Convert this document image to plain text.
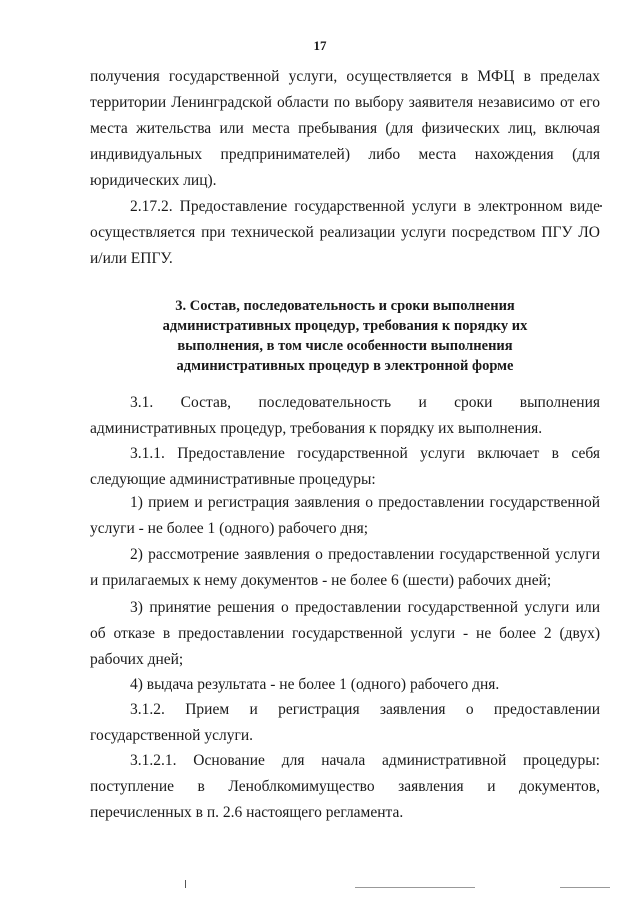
17
получения государственной услуги, осуществляется в МФЦ в пределах
территории Ленинградской области по выбору заявителя независимо от его
места жительства или места пребывания (для физических лиц, включая
индивидуальных предпринимателей) либо места нахождения (для
юридических лиц).
2.17.2. Предоставление государственной услуги в электронном виде
осуществляется при технической реализации услуги посредством ПГУ ЛО
и/или ЕПГУ.
3. Состав, последовательность и сроки выполнения
административных процедур, требования к порядку их
выполнения, в том числе особенности выполнения
административных процедур в электронной форме
3.1. Состав, последовательность и сроки выполнения
административных процедур, требования к порядку их выполнения.
3.1.1. Предоставление государственной услуги включает в себя
следующие административные процедуры:
1) прием и регистрация заявления о предоставлении государственной
услуги - не более 1 (одного) рабочего дня;
2) рассмотрение заявления о предоставлении государственной услуги
и прилагаемых к нему документов - не более 6 (шести) рабочих дней;
3) принятие решения о предоставлении государственной услуги или
об отказе в предоставлении государственной услуги - не более 2 (двух)
рабочих дней;
4) выдача результата - не более 1 (одного) рабочего дня.
3.1.2. Прием и регистрация заявления о предоставлении
государственной услуги.
3.1.2.1. Основание для начала административной процедуры:
поступление в Леноблкомимущество заявления и документов,
перечисленных в п. 2.6 настоящего регламента.
